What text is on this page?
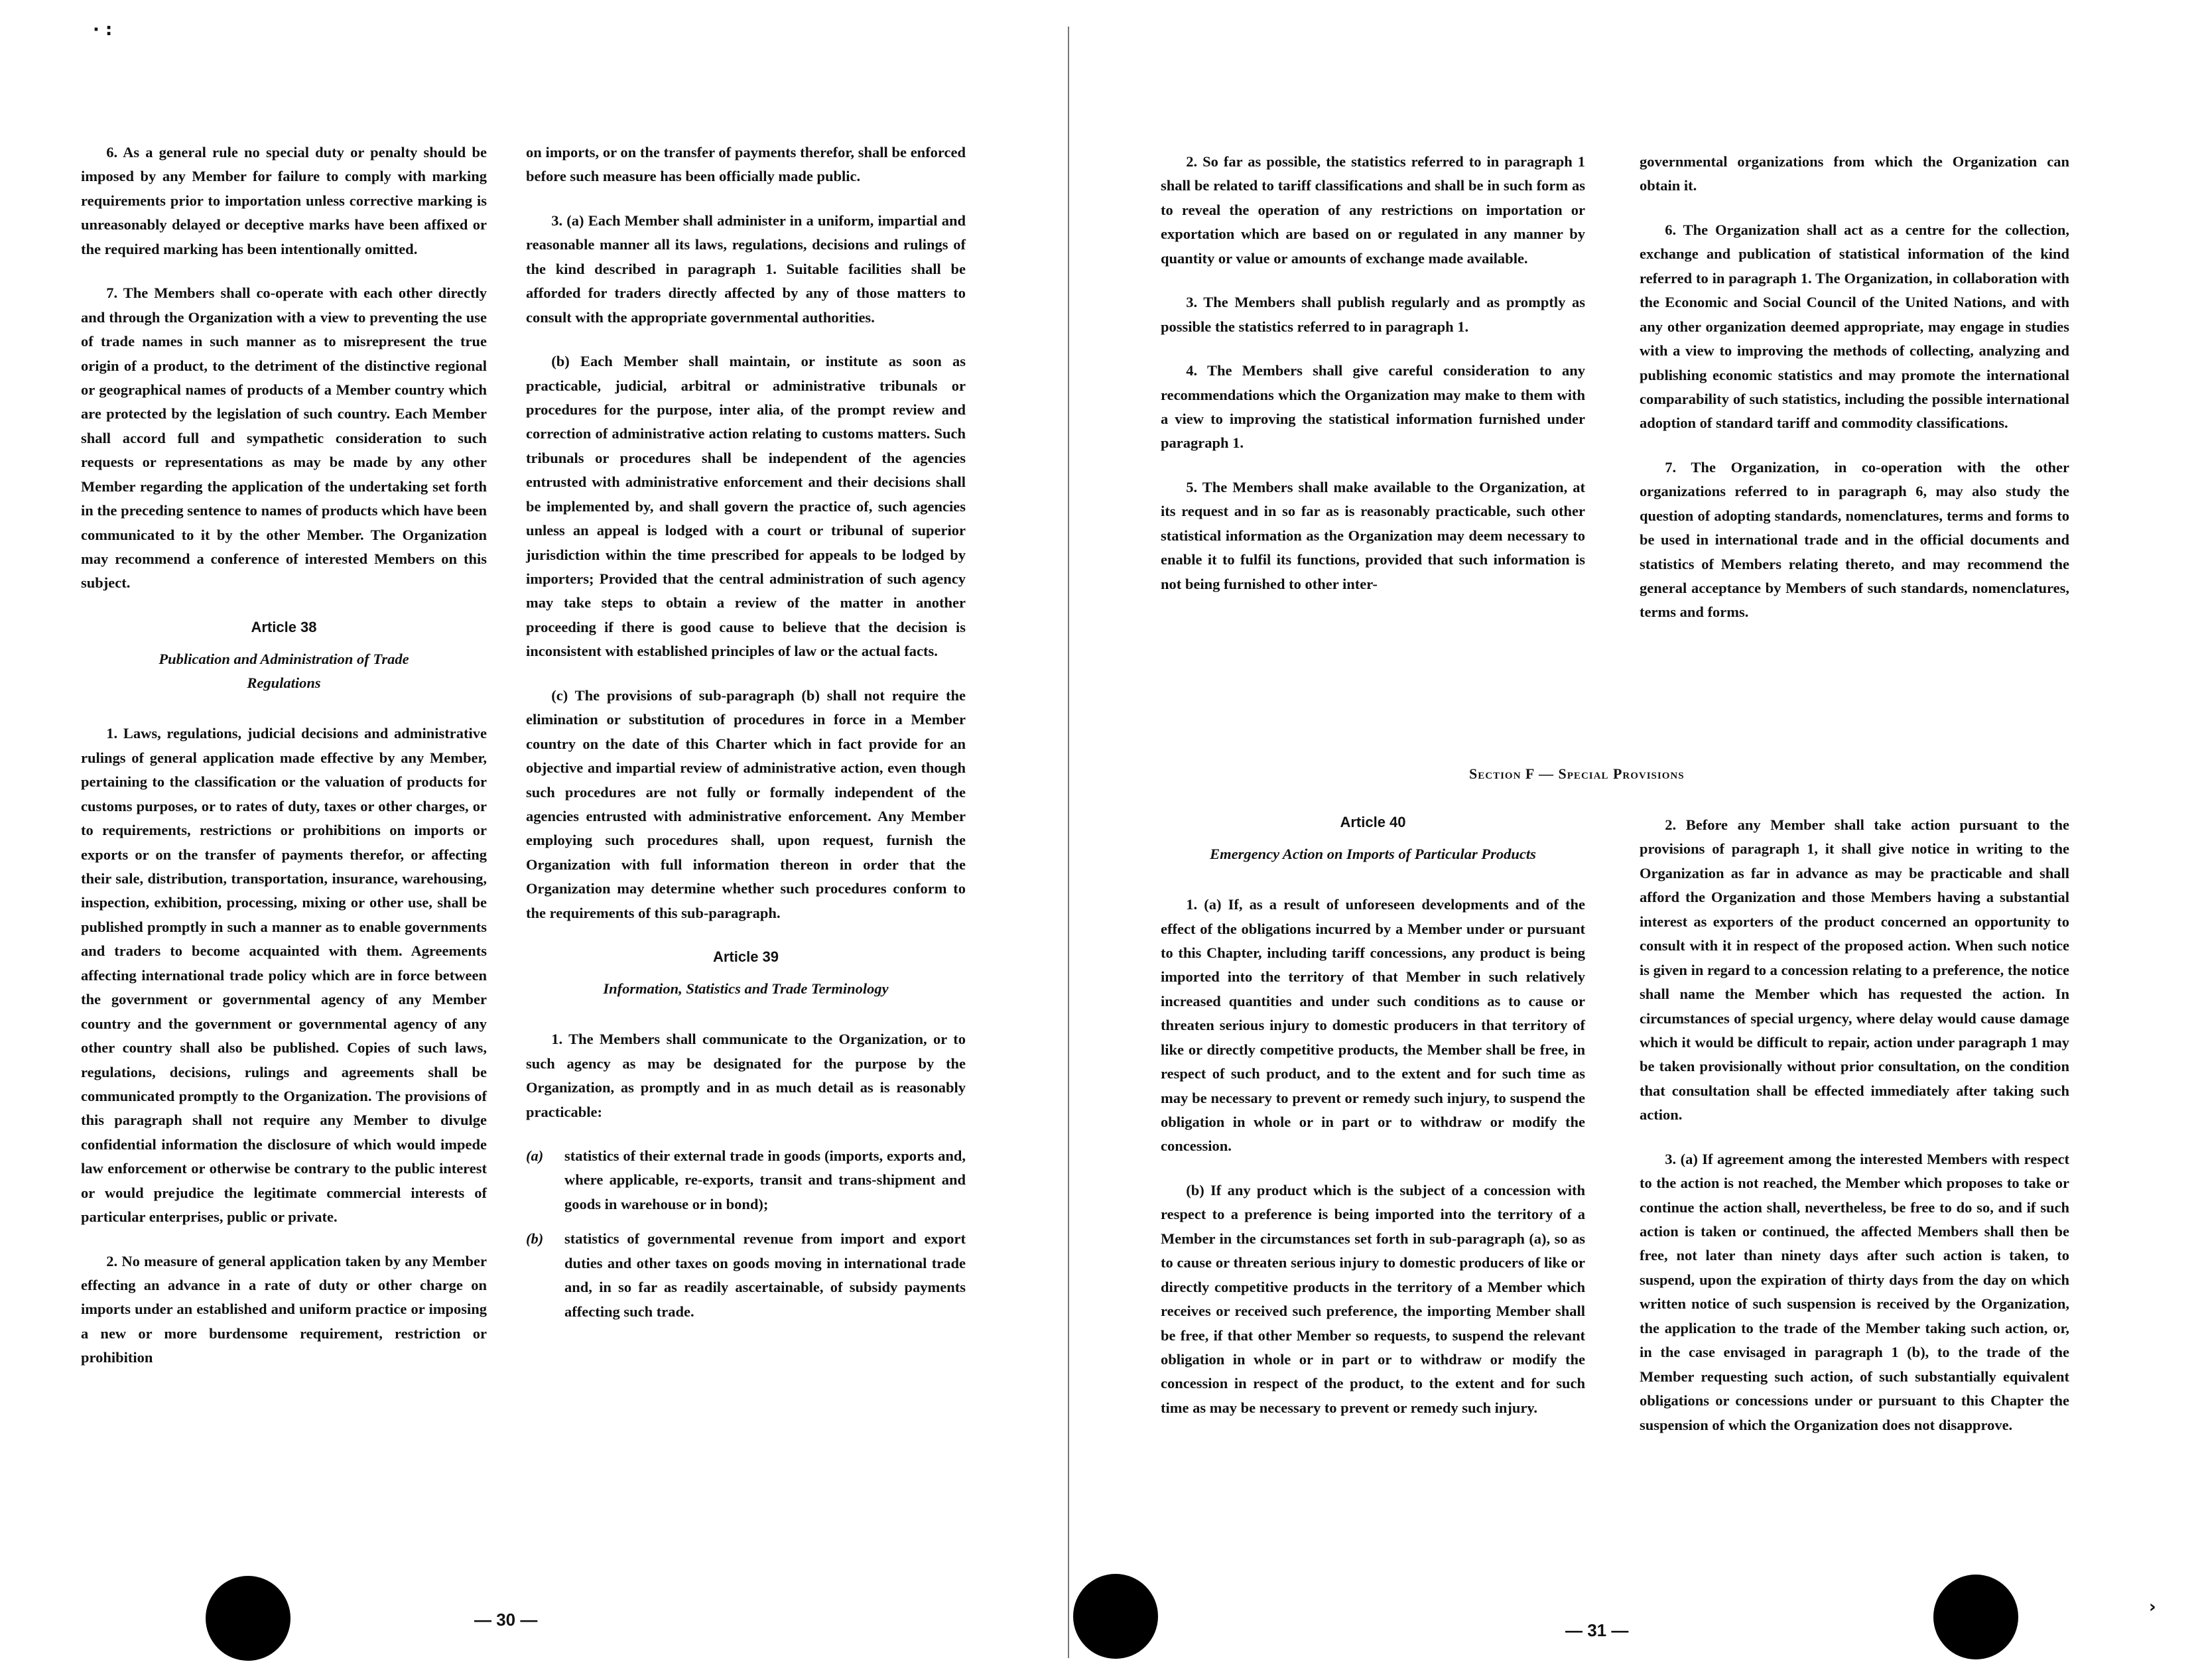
· :

6. As a general rule no special duty or penalty should be imposed by any Member for failure to comply with marking requirements prior to importation unless corrective marking is unreasonably delayed or deceptive marks have been affixed or the required marking has been intentionally omitted.

7. The Members shall co-operate with each other directly and through the Organization with a view to preventing the use of trade names in such manner as to misrepresent the true origin of a product, to the detriment of the distinctive regional or geographical names of products of a Member country which are protected by the legislation of such country. Each Member shall accord full and sympathetic consideration to such requests or representations as may be made by any other Member regarding the application of the undertaking set forth in the preceding sentence to names of products which have been communicated to it by the other Member. The Organization may recommend a conference of interested Members on this subject.

Article 38
Publication and Administration of Trade Regulations

1. Laws, regulations, judicial decisions and administrative rulings of general application made effective by any Member, pertaining to the classification or the valuation of products for customs purposes, or to rates of duty, taxes or other charges, or to requirements, restrictions or prohibitions on imports or exports or on the transfer of payments therefor, or affecting their sale, distribution, transportation, insurance, warehousing, inspection, exhibition, processing, mixing or other use, shall be published promptly in such a manner as to enable governments and traders to become acquainted with them. Agreements affecting international trade policy which are in force between the government or governmental agency of any Member country and the government or governmental agency of any other country shall also be published. Copies of such laws, regulations, decisions, rulings and agreements shall be communicated promptly to the Organization. The provisions of this paragraph shall not require any Member to divulge confidential information the disclosure of which would impede law enforcement or otherwise be contrary to the public interest or would prejudice the legitimate commercial interests of particular enterprises, public or private.

2. No measure of general application taken by any Member effecting an advance in a rate of duty or other charge on imports under an established and uniform practice or imposing a new or more burdensome requirement, restriction or prohibition

on imports, or on the transfer of payments therefor, shall be enforced before such measure has been officially made public.

3. (a) Each Member shall administer in a uniform, impartial and reasonable manner all its laws, regulations, decisions and rulings of the kind described in paragraph 1. Suitable facilities shall be afforded for traders directly affected by any of those matters to consult with the appropriate governmental authorities.

(b) Each Member shall maintain, or institute as soon as practicable, judicial, arbitral or administrative tribunals or procedures for the purpose, inter alia, of the prompt review and correction of administrative action relating to customs matters. Such tribunals or procedures shall be independent of the agencies entrusted with administrative enforcement and their decisions shall be implemented by, and shall govern the practice of, such agencies unless an appeal is lodged with a court or tribunal of superior jurisdiction within the time prescribed for appeals to be lodged by importers; Provided that the central administration of such agency may take steps to obtain a review of the matter in another proceeding if there is good cause to believe that the decision is inconsistent with established principles of law or the actual facts.

(c) The provisions of sub-paragraph (b) shall not require the elimination or substitution of procedures in force in a Member country on the date of this Charter which in fact provide for an objective and impartial review of administrative action, even though such procedures are not fully or formally independent of the agencies entrusted with administrative enforcement. Any Member employing such procedures shall, upon request, furnish the Organization with full information thereon in order that the Organization may determine whether such procedures conform to the requirements of this sub-paragraph.

Article 39
Information, Statistics and Trade Terminology

1. The Members shall communicate to the Organization, or to such agency as may be designated for the purpose by the Organization, as promptly and in as much detail as is reasonably practicable:

(a)	statistics of their external trade in goods (imports, exports and, where applicable, re-exports, transit and trans-shipment and goods in warehouse or in bond);
(b)	statistics of governmental revenue from import and export duties and other taxes on goods moving in international trade and, in so far as readily ascertainable, of subsidy payments affecting such trade.
— 30 —

2. So far as possible, the statistics referred to in paragraph 1 shall be related to tariff classifications and shall be in such form as to reveal the operation of any restrictions on importation or exportation which are based on or regulated in any manner by quantity or value or amounts of exchange made available.

3. The Members shall publish regularly and as promptly as possible the statistics referred to in paragraph 1.

4. The Members shall give careful consideration to any recommendations which the Organization may make to them with a view to improving the statistical information furnished under paragraph 1.

5. The Members shall make available to the Organization, at its request and in so far as is reasonably practicable, such other statistical information as the Organization may deem necessary to enable it to fulfil its functions, provided that such information is not being furnished to other inter-

governmental organizations from which the Organization can obtain it.

6. The Organization shall act as a centre for the collection, exchange and publication of statistical information of the kind referred to in paragraph 1. The Organization, in collaboration with the Economic and Social Council of the United Nations, and with any other organization deemed appropriate, may engage in studies with a view to improving the methods of collecting, analyzing and publishing economic statistics and may promote the international comparability of such statistics, including the possible international adoption of standard tariff and commodity classifications.

7. The Organization, in co-operation with the other organizations referred to in paragraph 6, may also study the question of adopting standards, nomenclatures, terms and forms to be used in international trade and in the official documents and statistics of Members relating thereto, and may recommend the general acceptance by Members of such standards, nomenclatures, terms and forms.

Section F — Special Provisions
Article 40
Emergency Action on Imports of Particular Products

1. (a) If, as a result of unforeseen developments and of the effect of the obligations incurred by a Member under or pursuant to this Chapter, including tariff concessions, any product is being imported into the territory of that Member in such relatively increased quantities and under such conditions as to cause or threaten serious injury to domestic producers in that territory of like or directly competitive products, the Member shall be free, in respect of such product, and to the extent and for such time as may be necessary to prevent or remedy such injury, to suspend the obligation in whole or in part or to withdraw or modify the concession.

(b) If any product which is the subject of a concession with respect to a preference is being imported into the territory of a Member in the circumstances set forth in sub-paragraph (a), so as to cause or threaten serious injury to domestic producers of like or directly competitive products in the territory of a Member which receives or received such preference, the importing Member shall be free, if that other Member so requests, to suspend the relevant obligation in whole or in part or to withdraw or modify the concession in respect of the product, to the extent and for such time as may be necessary to prevent or remedy such injury.

2. Before any Member shall take action pursuant to the provisions of paragraph 1, it shall give notice in writing to the Organization as far in advance as may be practicable and shall afford the Organization and those Members having a substantial interest as exporters of the product concerned an opportunity to consult with it in respect of the proposed action. When such notice is given in regard to a concession relating to a preference, the notice shall name the Member which has requested the action. In circumstances of special urgency, where delay would cause damage which it would be difficult to repair, action under paragraph 1 may be taken provisionally without prior consultation, on the condition that consultation shall be effected immediately after taking such action.

3. (a) If agreement among the interested Members with respect to the action is not reached, the Member which proposes to take or continue the action shall, nevertheless, be free to do so, and if such action is taken or continued, the affected Members shall then be free, not later than ninety days after such action is taken, to suspend, upon the expiration of thirty days from the day on which written notice of such suspension is received by the Organization, the application to the trade of the Member taking such action, or, in the case envisaged in paragraph 1 (b), to the trade of the Member requesting such action, of such substantially equivalent obligations or concessions under or pursuant to this Chapter the suspension of which the Organization does not disapprove.

— 31 —
›
